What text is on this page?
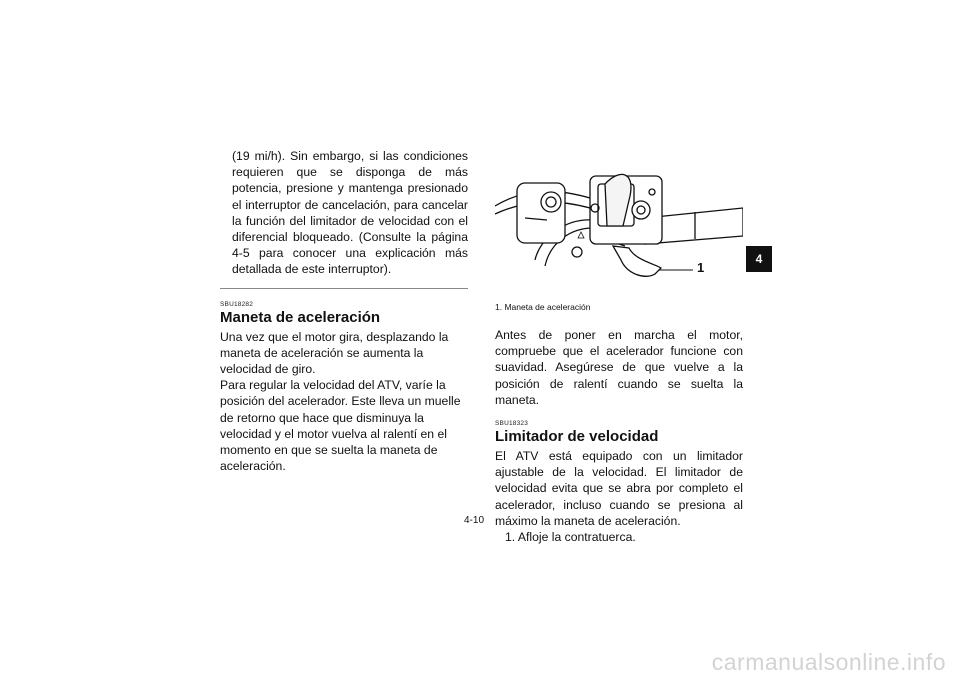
(19 mi/h). Sin embargo, si las condiciones requieren que se disponga de más potencia, presione y mantenga presionado el interruptor de cancelación, para cancelar la función del limitador de velocidad con el diferencial bloqueado. (Consulte la página 4-5 para conocer una explicación más detallada de este interruptor).

SBU18282

Maneta de aceleración

Una vez que el motor gira, desplazando la maneta de aceleración se aumenta la velocidad de giro.

Para regular la velocidad del ATV, varíe la posición del acelerador. Este lleva un muelle de retorno que hace que disminuya la velocidad y el motor vuelva al ralentí en el momento en que se suelta la maneta de aceleración.

1

1. Maneta de aceleración

Antes de poner en marcha el motor, compruebe que el acelerador funcione con suavidad. Asegúrese de que vuelve a la posición de ralentí cuando se suelta la maneta.

SBU18323

Limitador de velocidad

El ATV está equipado con un limitador ajustable de la velocidad. El limitador de velocidad evita que se abra por completo el acelerador, incluso cuando se presiona al máximo la maneta de aceleración.

1. Afloje la contratuerca.

4
4-10
carmanualsonline.info
